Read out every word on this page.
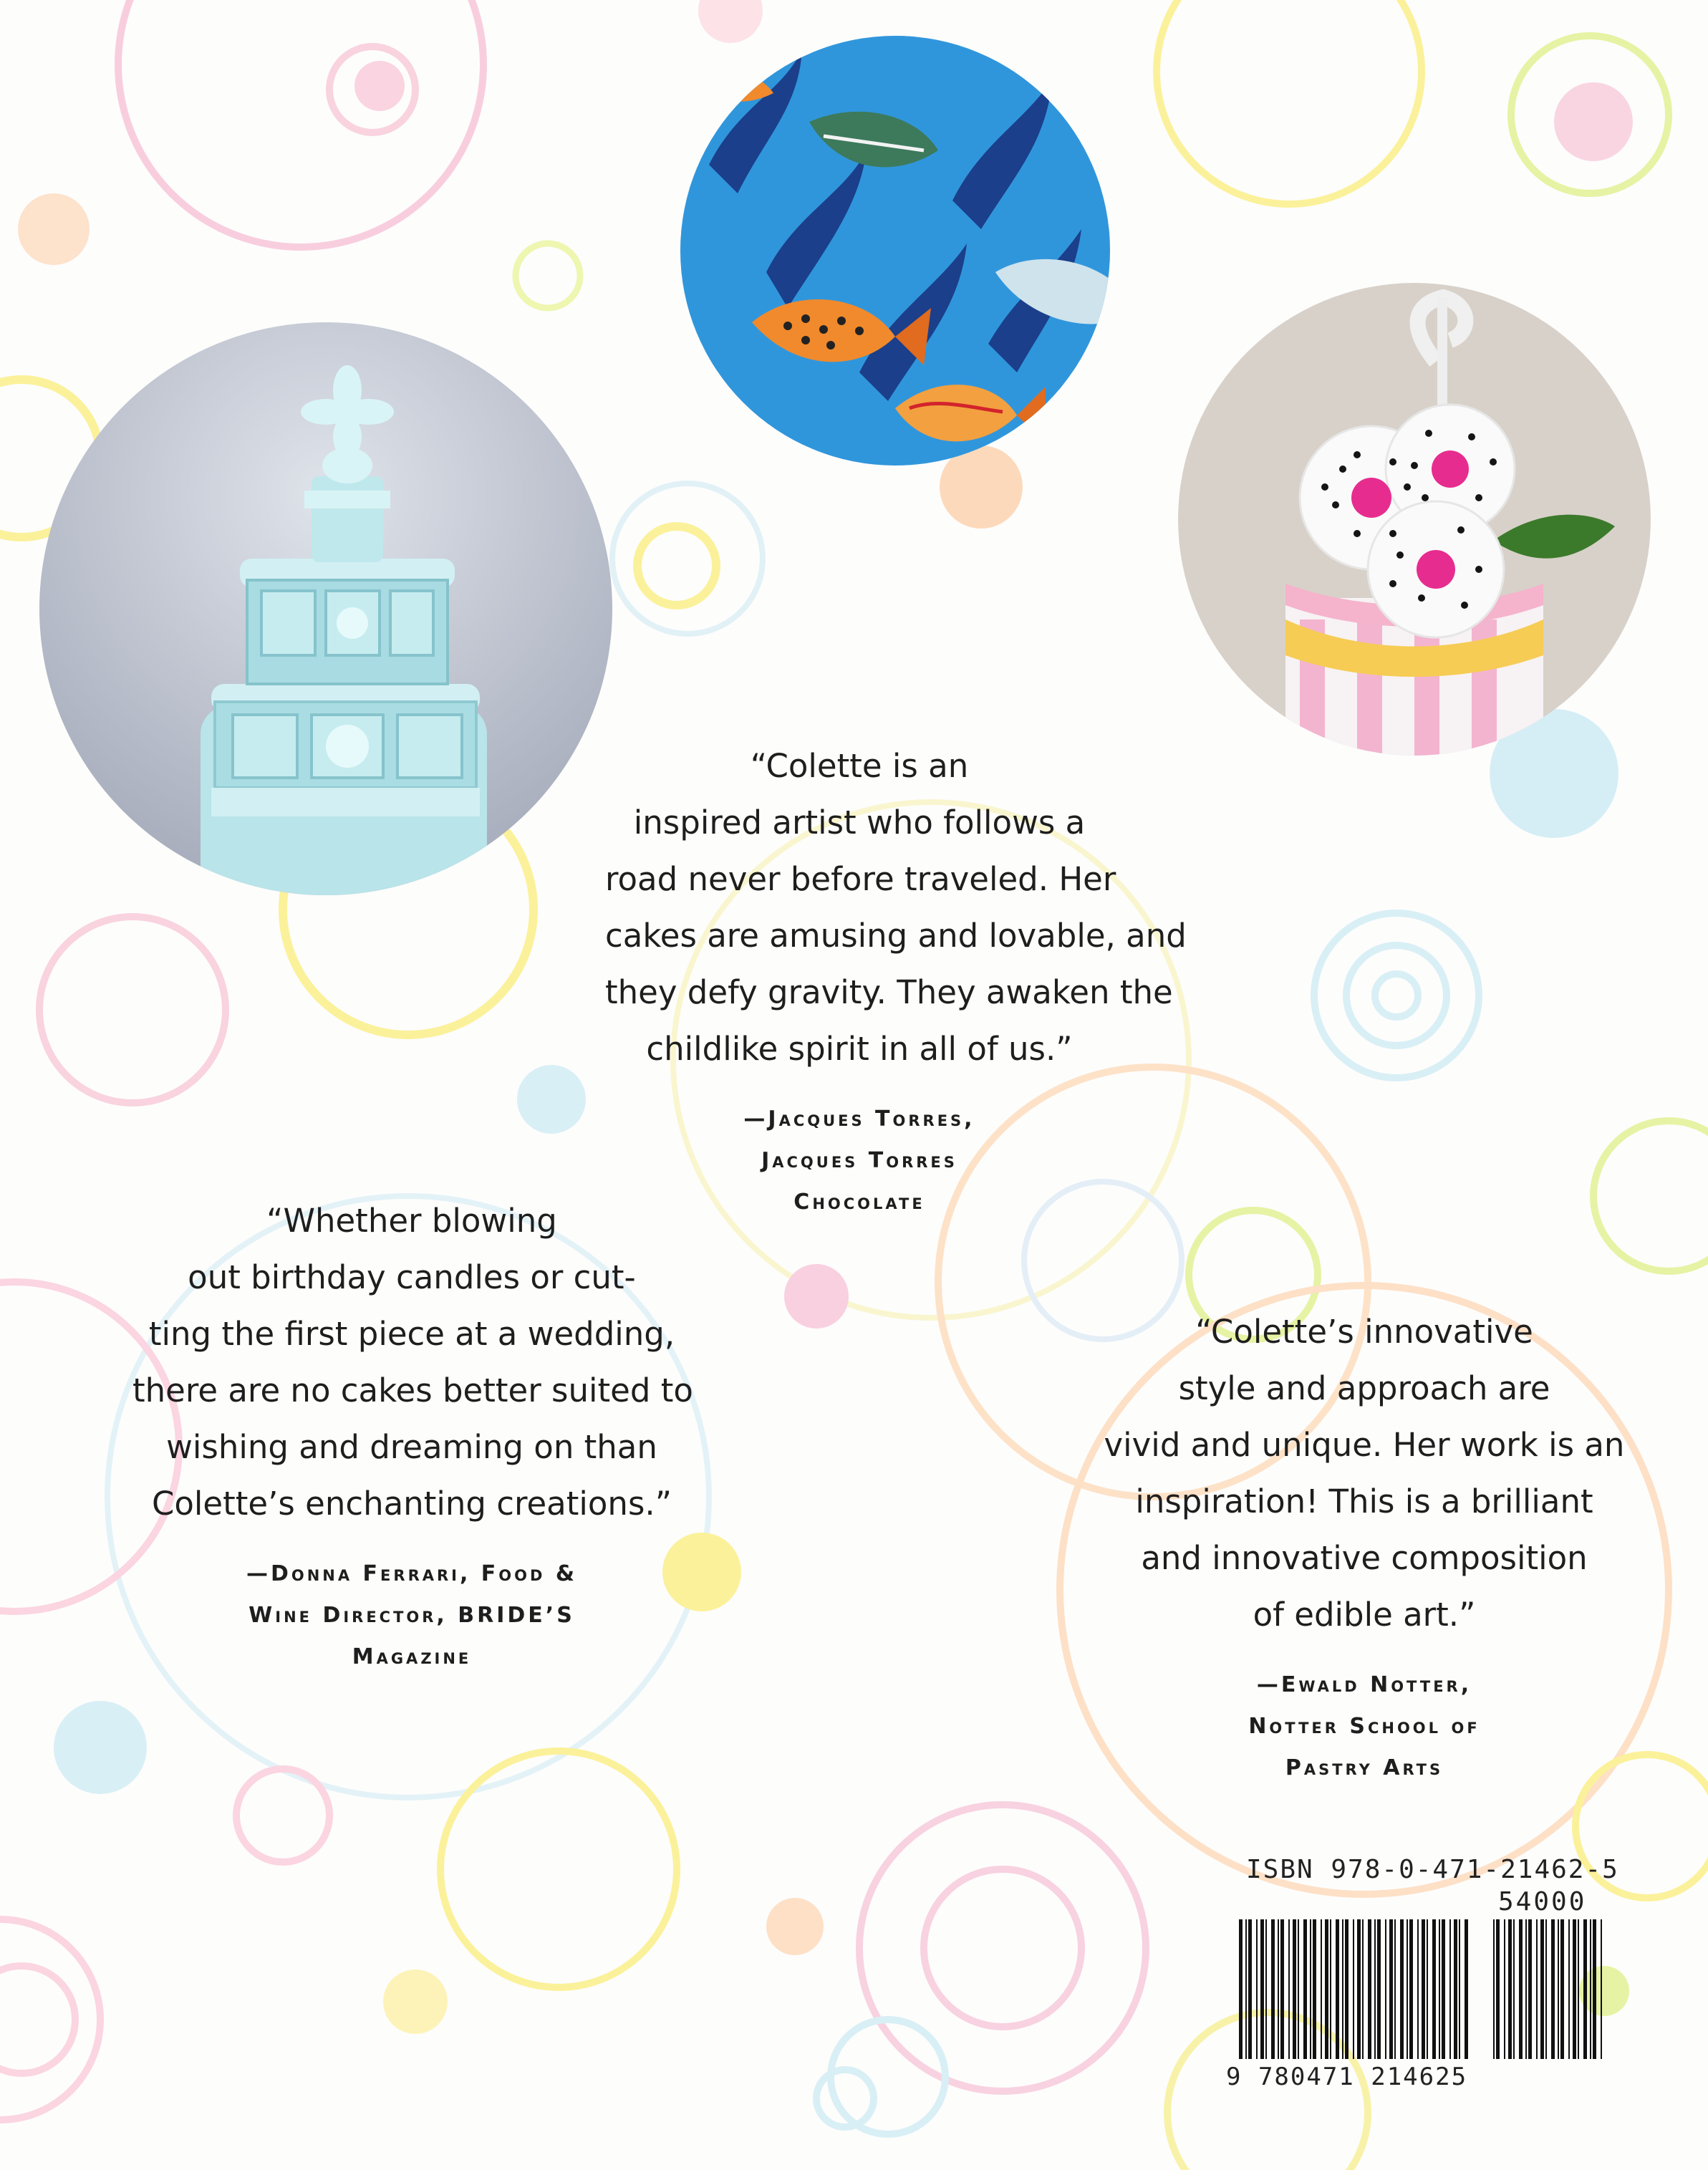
“Colette is an
inspired artist who follows a
road never before traveled. Her
cakes are amusing and lovable, and
they defy gravity. They awaken the
childlike spirit in all of us.”
—Jacques Torres,
Jacques Torres
Chocolate
“Whether blowing
out birthday candles or cut-
ting the first piece at a wedding,
there are no cakes better suited to
wishing and dreaming on than
Colette’s enchanting creations.”
—Donna Ferrari, Food &
Wine Director, BRIDE’S
Magazine
“Colette’s innovative
style and approach are
vivid and unique. Her work is an
inspiration! This is a brilliant
and innovative composition
of edible art.”
—Ewald Notter,
Notter School of
Pastry Arts
ISBN 978-0-471-21462-5
54000
9 780471 214625
